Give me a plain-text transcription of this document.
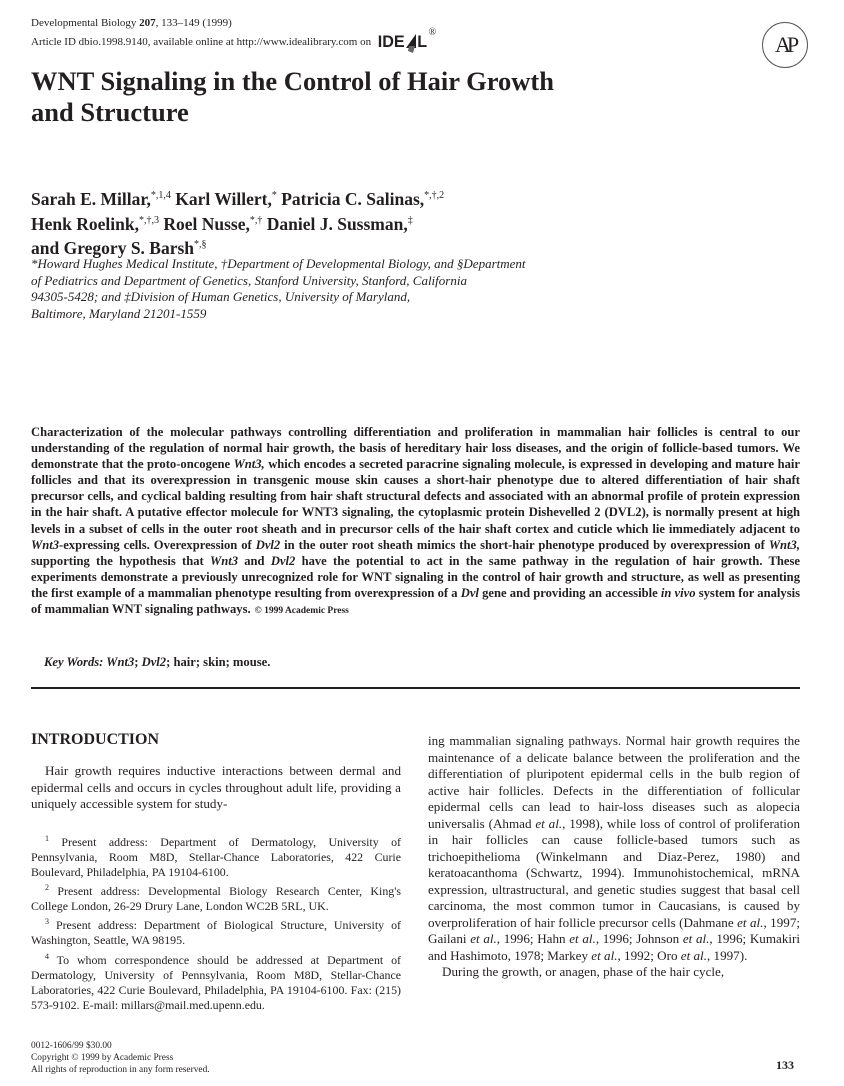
Developmental Biology 207, 133–149 (1999)
Article ID dbio.1998.9140, available online at http://www.idealibrary.com on IDE L ®	AP
WNT Signaling in the Control of Hair Growth
and Structure
Sarah E. Millar,$^{*,1,4}$ Karl Willert,* Patricia C. Salinas,$^{*,\dagger,2}$
Henk Roelink,$^{*,\dagger,3}$ Roel Nusse,*,† Daniel J. Sussman,‡
and Gregory S. Barsh*,§
*Howard Hughes Medical Institute, †Department of Developmental Biology, and §Department
of Pediatrics and Department of Genetics, Stanford University, Stanford, California
94305-5428; and ‡Division of Human Genetics, University of Maryland,
Baltimore, Maryland 21201-1559
Characterization of the molecular pathways controlling differentiation and proliferation in mammalian hair follicles is central to our understanding of the regulation of normal hair growth, the basis of hereditary hair loss diseases, and the origin of follicle-based tumors. We demonstrate that the proto-oncogene Wnt3, which encodes a secreted paracrine signaling molecule, is expressed in developing and mature hair follicles and that its overexpression in transgenic mouse skin causes a short-hair phenotype due to altered differentiation of hair shaft precursor cells, and cyclical balding resulting from hair shaft structural defects and associated with an abnormal profile of protein expression in the hair shaft. A putative effector molecule for WNT3 signaling, the cytoplasmic protein Dishevelled 2 (DVL2), is normally present at high levels in a subset of cells in the outer root sheath and in precursor cells of the hair shaft cortex and cuticle which lie immediately adjacent to Wnt3-expressing cells. Overexpression of Dvl2 in the outer root sheath mimics the short-hair phenotype produced by overexpression of Wnt3, supporting the hypothesis that Wnt3 and Dvl2 have the potential to act in the same pathway in the regulation of hair growth. These experiments demonstrate a previously unrecognized role for WNT signaling in the control of hair growth and structure, as well as presenting the first example of a mammalian phenotype resulting from overexpression of a Dvl gene and providing an accessible in vivo system for analysis of mammalian WNT signaling pathways. © 1999 Academic Press
Key Words: Wnt3; Dvl2; hair; skin; mouse.
INTRODUCTION

Hair growth requires inductive interactions between dermal and epidermal cells and occurs in cycles throughout adult life, providing a uniquely accessible system for study-

$^1$ Present address: Department of Dermatology, University of Pennsylvania, Room M8D, Stellar-Chance Laboratories, 422 Curie Boulevard, Philadelphia, PA 19104-6100.

$^2$ Present address: Developmental Biology Research Center, King's College London, 26-29 Drury Lane, London WC2B 5RL, UK.

$^3$ Present address: Department of Biological Structure, University of Washington, Seattle, WA 98195.

$^4$ To whom correspondence should be addressed at Department of Dermatology, University of Pennsylvania, Room M8D, Stellar-Chance Laboratories, 422 Curie Boulevard, Philadelphia, PA 19104-6100. Fax: (215) 573-9102. E-mail: millars@mail.med.upenn.edu.

ing mammalian signaling pathways. Normal hair growth requires the maintenance of a delicate balance between the proliferation and the differentiation of pluripotent epidermal cells in the bulb region of active hair follicles. Defects in the differentiation of follicular epidermal cells can lead to hair-loss diseases such as alopecia universalis (Ahmad et al., 1998), while loss of control of proliferation in hair follicles can cause follicle-based tumors such as trichoepithelioma (Winkelmann and Diaz-Perez, 1980) and keratoacanthoma (Schwartz, 1994). Immunohistochemical, mRNA expression, ultrastructural, and genetic studies suggest that basal cell carcinoma, the most common tumor in Caucasians, is caused by overproliferation of hair follicle precursor cells (Dahmane et al., 1997; Gailani et al., 1996; Hahn et al., 1996; Johnson et al., 1996; Kumakiri and Hashimoto, 1978; Markey et al., 1992; Oro et al., 1997).

During the growth, or anagen, phase of the hair cycle,

0012-1606/99 $30.00
Copyright © 1999 by Academic Press
All rights of reproduction in any form reserved.	133
